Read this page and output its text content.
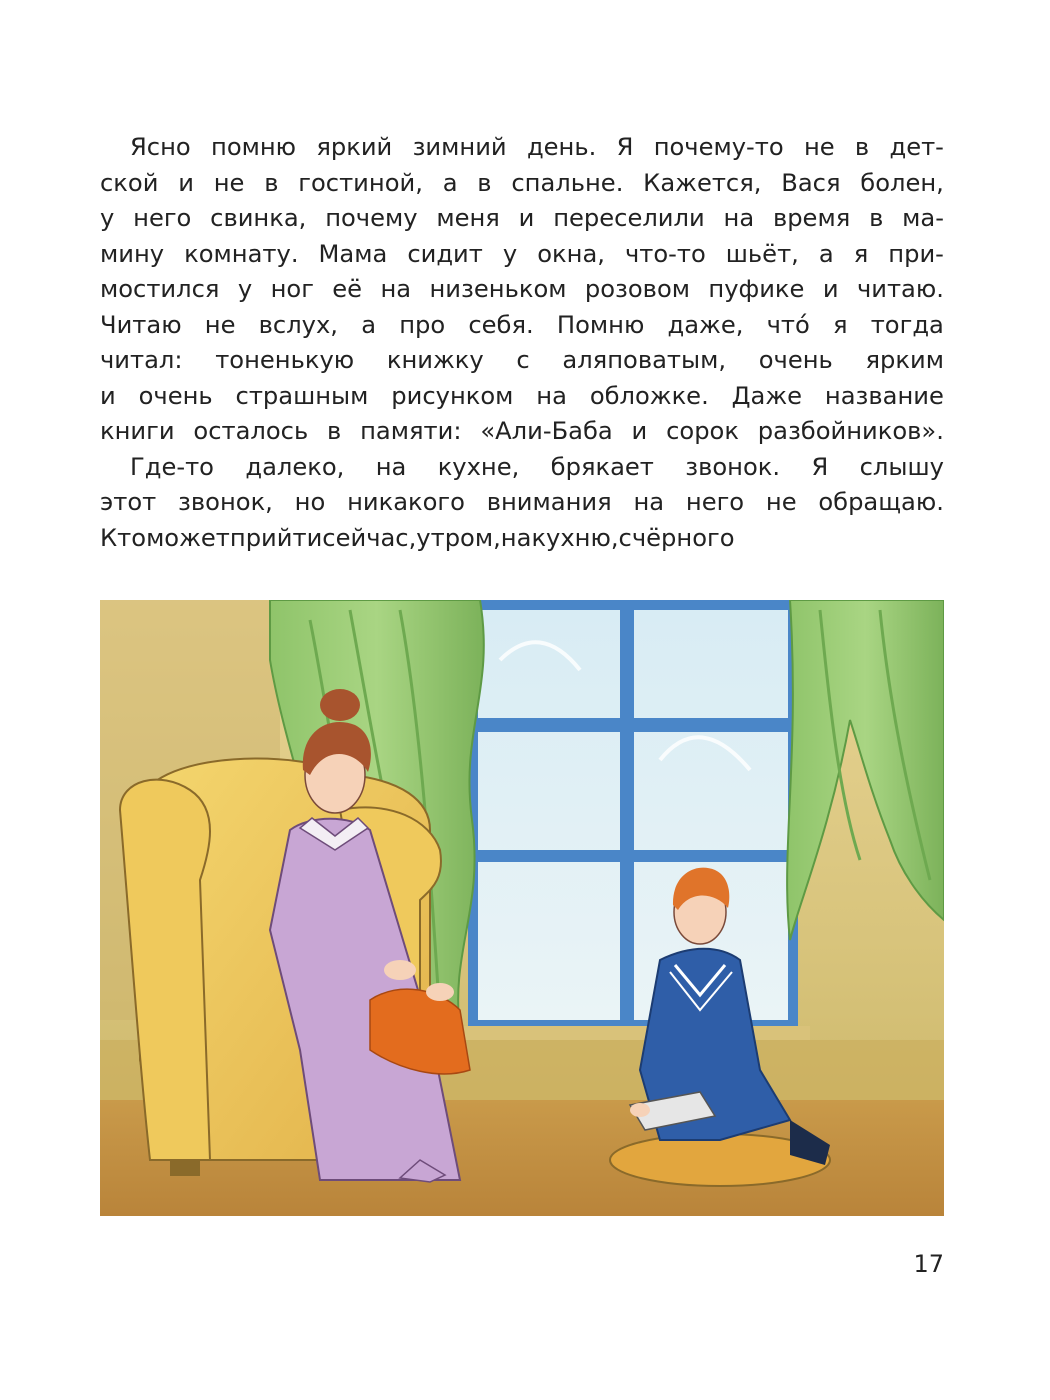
Ясно помню яркий зимний день. Я почему-то не в дет-
ской и не в гостиной, а в спальне. Кажется, Вася болен,
у него свинка, почему меня и переселили на время в ма-
мину комнату. Мама сидит у окна, что-то шьёт, а я при-
мостился у ног её на низеньком розовом пуфике и читаю.
Читаю не вслух, а про себя. Помню даже, что́ я тогда
читал: тоненькую книжку с аляповатым, очень ярким
и очень страшным рисунком на обложке. Даже название
книги осталось в памяти: «Али-Баба и сорок разбойников».
Где-то далеко, на кухне, брякает звонок. Я слышу
этот звонок, но никакого внимания на него не обращаю.
Кто может прийти сейчас, утром, на кухню, с чёрного
17
